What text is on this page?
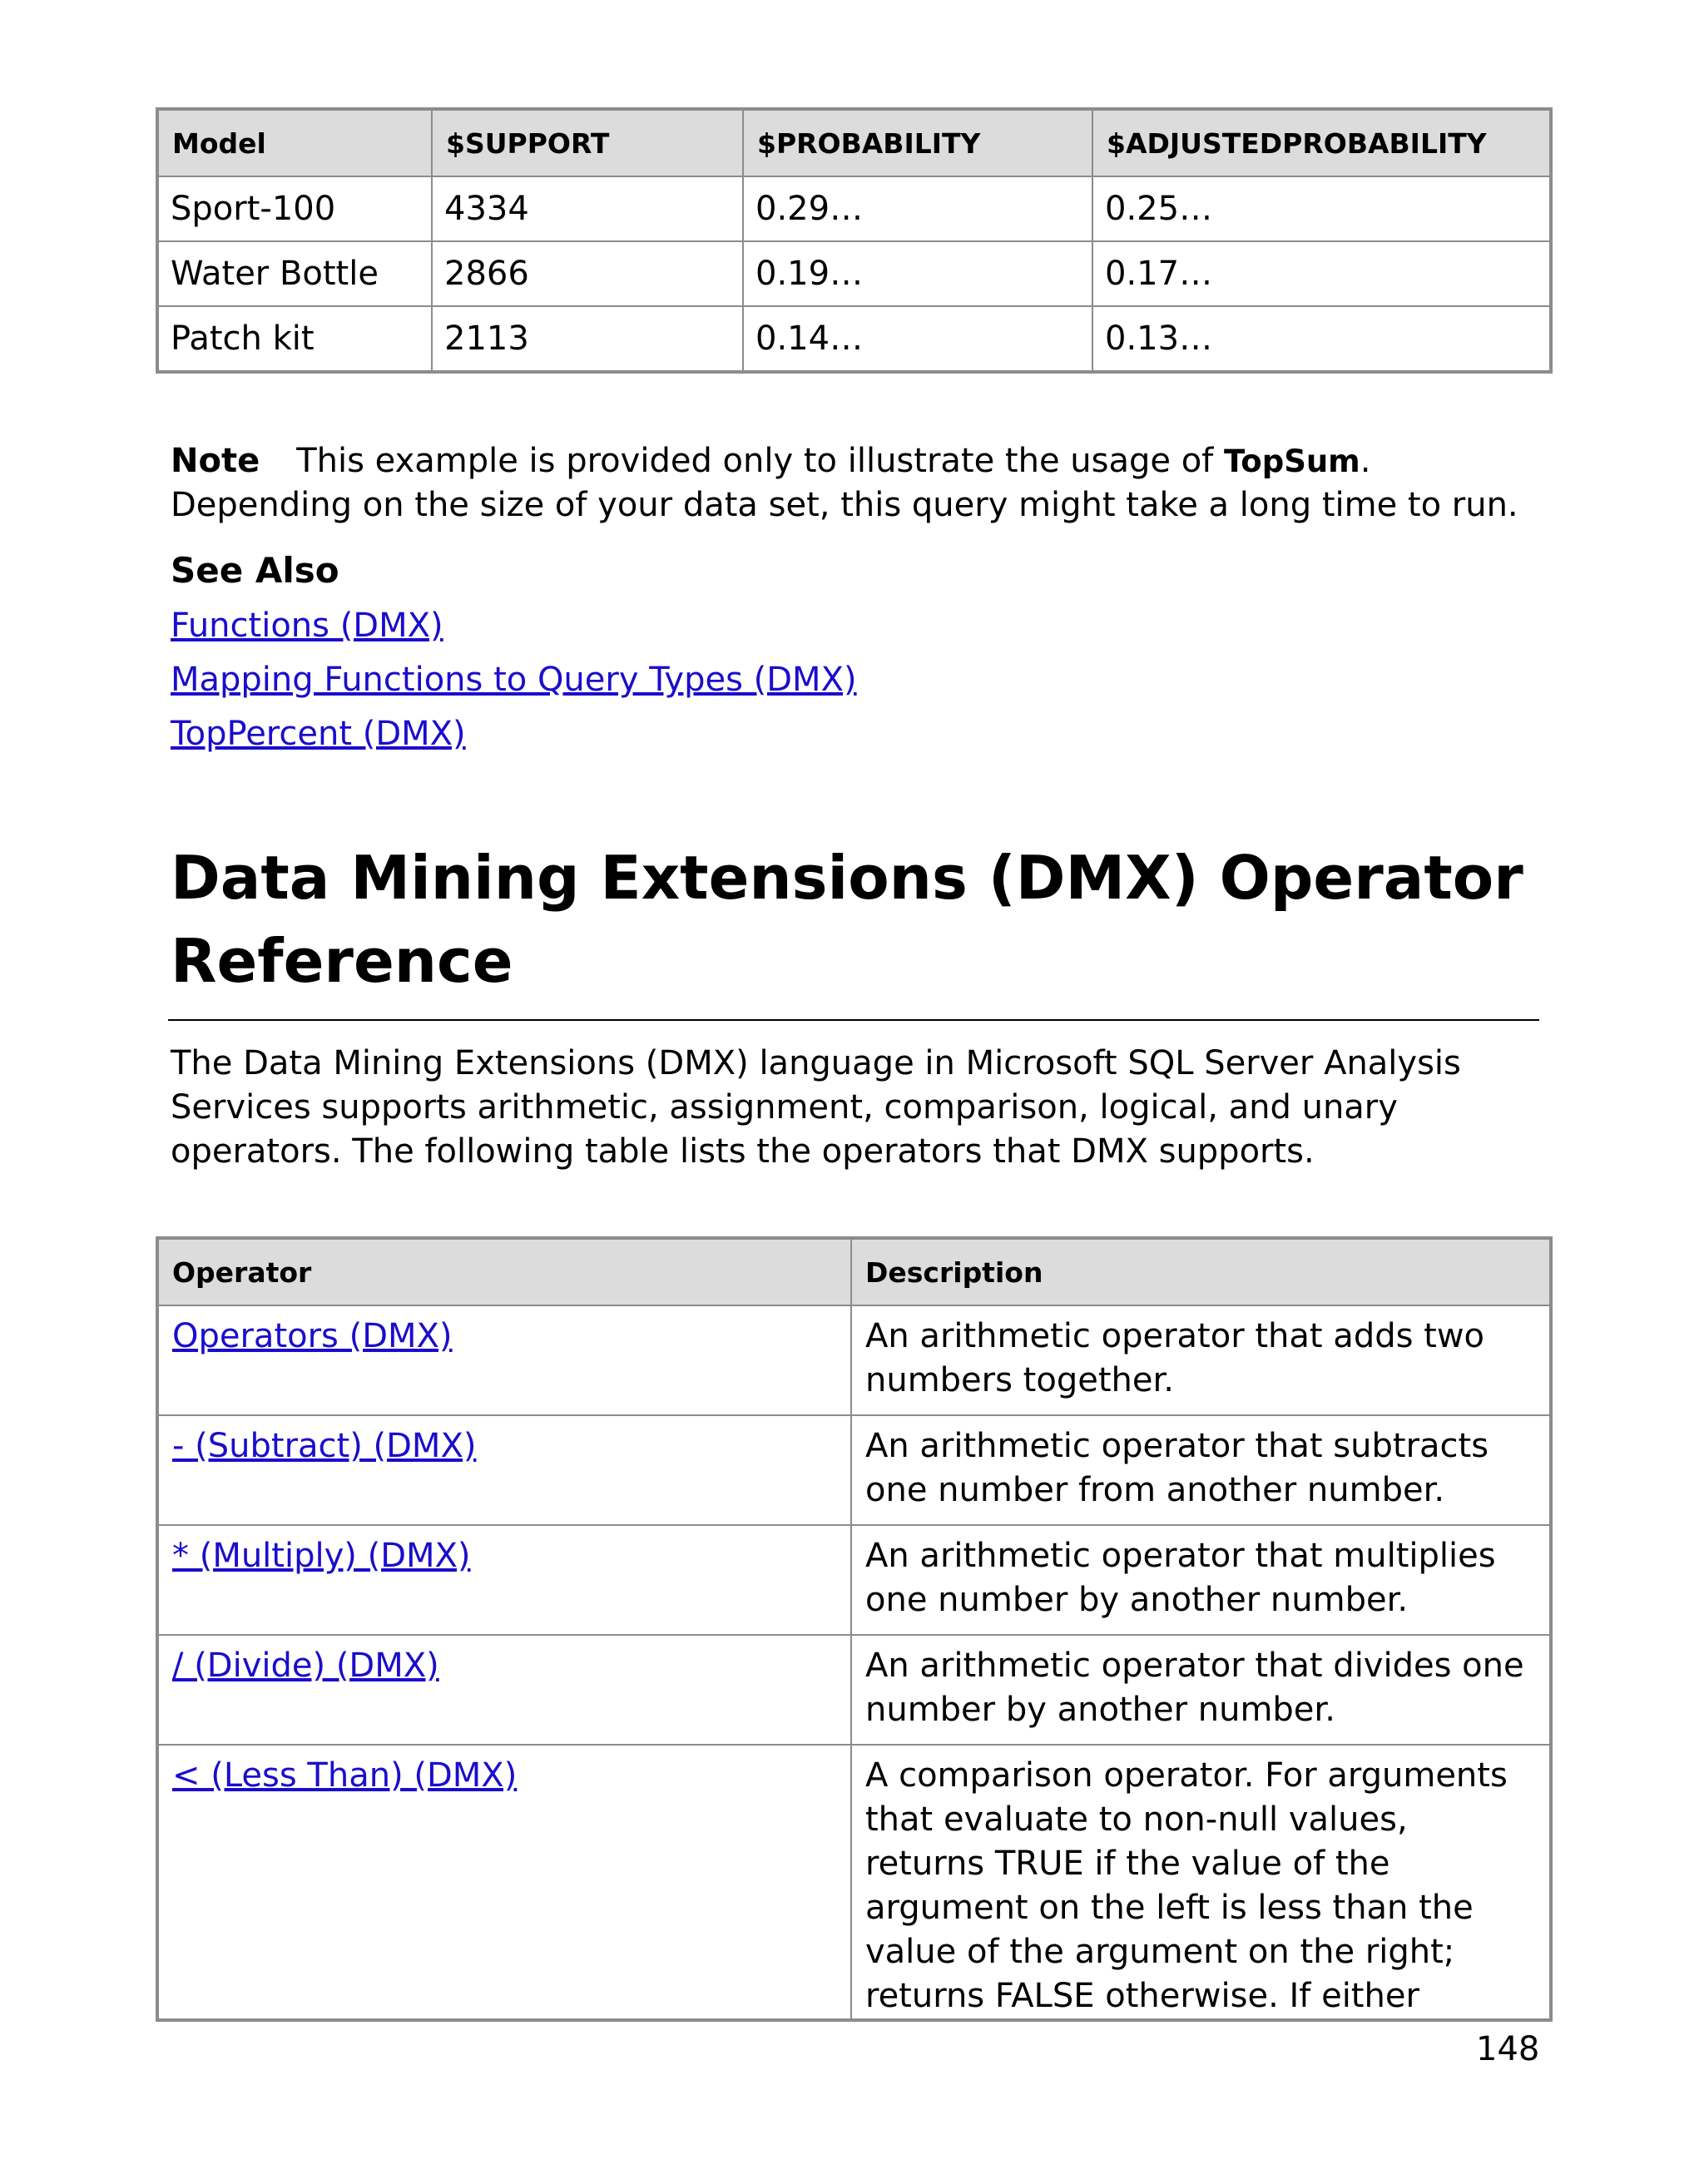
Model	$SUPPORT	$PROBABILITY	$ADJUSTEDPROBABILITY
Sport-100	4334	0.29…	0.25…
Water Bottle	2866	0.19…	0.17…
Patch kit	2113	0.14…	0.13…
Note This example is provided only to illustrate the usage of TopSum. Depending on the size of your data set, this query might take a long time to run.
See Also
Functions (DMX)
Mapping Functions to Query Types (DMX)
TopPercent (DMX)
Data Mining Extensions (DMX) Operator Reference
The Data Mining Extensions (DMX) language in Microsoft SQL Server Analysis Services supports arithmetic, assignment, comparison, logical, and unary operators. The following table lists the operators that DMX supports.
Operator	Description
Operators (DMX)	An arithmetic operator that adds two numbers together.
- (Subtract) (DMX)	An arithmetic operator that subtracts one number from another number.
* (Multiply) (DMX)	An arithmetic operator that multiplies one number by another number.
/ (Divide) (DMX)	An arithmetic operator that divides one number by another number.
< (Less Than) (DMX)	A comparison operator. For arguments that evaluate to non-null values, returns TRUE if the value of the argument on the left is less than the value of the argument on the right; returns FALSE otherwise. If either
148
